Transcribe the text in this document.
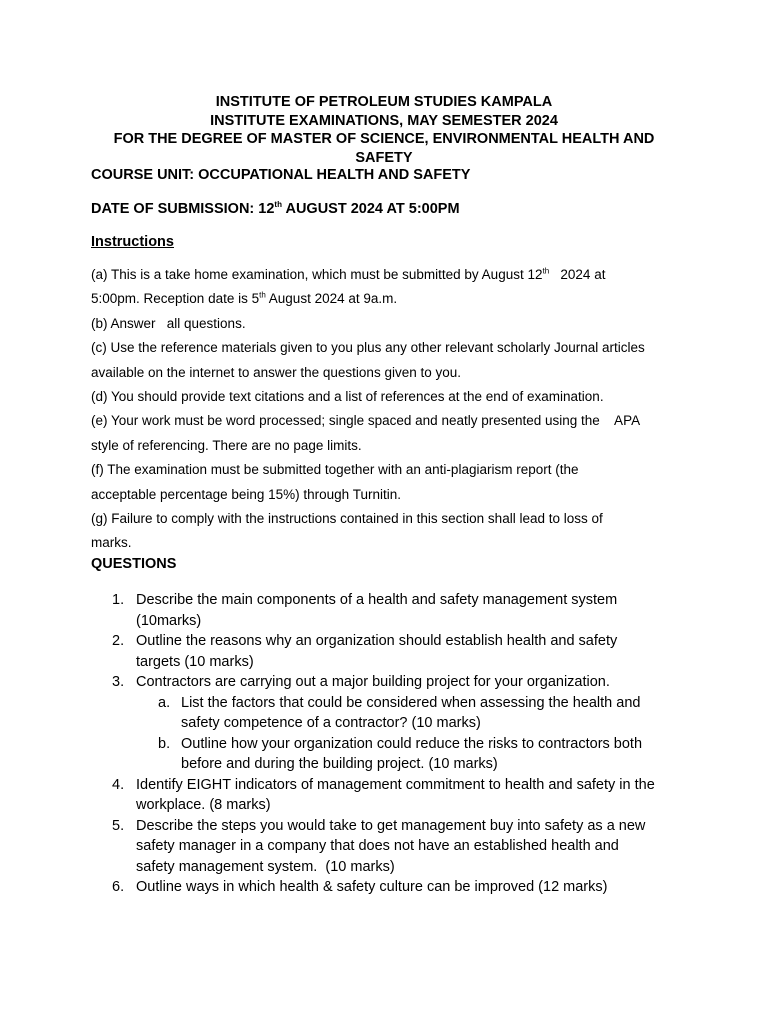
INSTITUTE OF PETROLEUM STUDIES KAMPALA
INSTITUTE EXAMINATIONS, MAY SEMESTER 2024
FOR THE DEGREE OF MASTER OF SCIENCE, ENVIRONMENTAL HEALTH AND
SAFETY
COURSE UNIT: OCCUPATIONAL HEALTH AND SAFETY
DATE OF SUBMISSION: 12th AUGUST 2024 AT 5:00PM
Instructions

(a) This is a take home examination, which must be submitted by August 12th   2024 at

5:00pm. Reception date is 5th August 2024 at 9a.m.

(b) Answer   all questions.

(c) Use the reference materials given to you plus any other relevant scholarly Journal articles

available on the internet to answer the questions given to you.

(d) You should provide text citations and a list of references at the end of examination.

(e) Your work must be word processed; single spaced and neatly presented using the    APA

style of referencing. There are no page limits.

(f) The examination must be submitted together with an anti-plagiarism report (the

acceptable percentage being 15%) through Turnitin.

(g) Failure to comply with the instructions contained in this section shall lead to loss of

marks.

QUESTIONS
1. Describe the main components of a health and safety management system
(10marks)
2. Outline the reasons why an organization should establish health and safety
targets (10 marks)
3. Contractors are carrying out a major building project for your organization.
a. List the factors that could be considered when assessing the health and
safety competence of a contractor? (10 marks)
b. Outline how your organization could reduce the risks to contractors both
before and during the building project. (10 marks)
4. Identify EIGHT indicators of management commitment to health and safety in the
workplace. (8 marks)
5. Describe the steps you would take to get management buy into safety as a new
safety manager in a company that does not have an established health and
safety management system.  (10 marks)
6. Outline ways in which health & safety culture can be improved (12 marks)
